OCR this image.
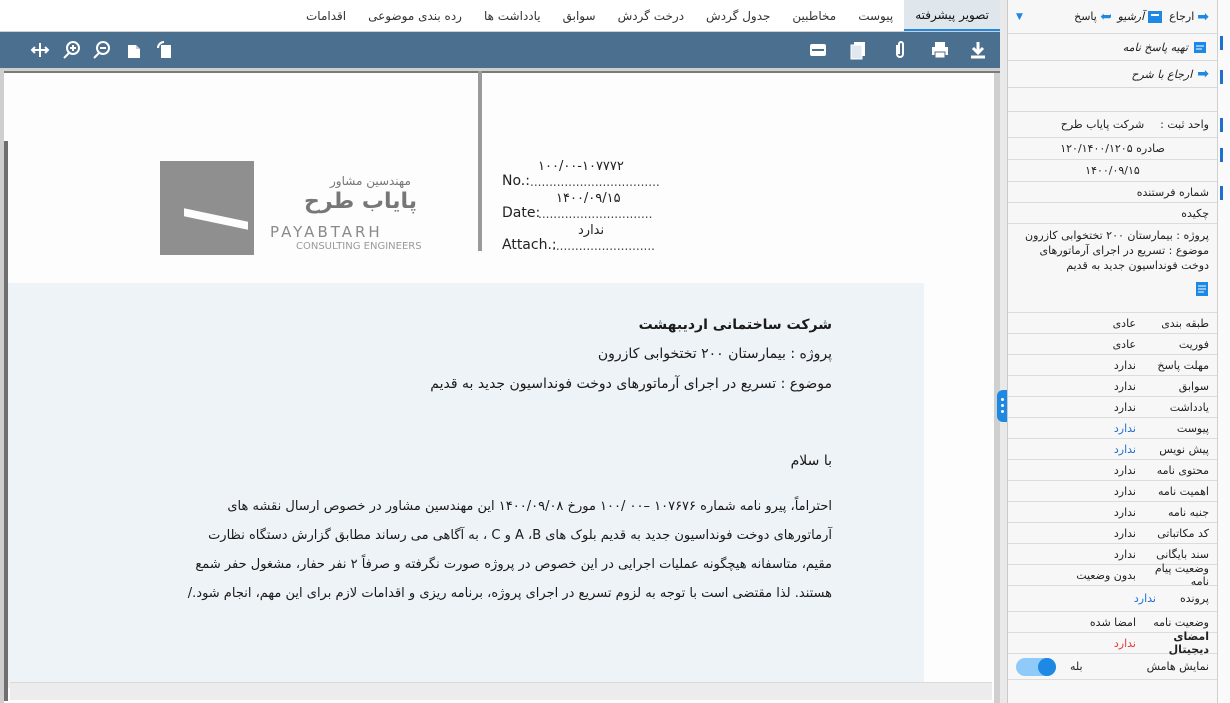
تصویر پیشرفته
پیوست
مخاطبین
جدول گردش
درخت گردش
سوابق
یادداشت ها
رده بندی موضوعی
اقدامات
مهندسین مشاور
پایاب طرح
PAYABTARH
CONSULTING ENGINEERS
No.: ..................................
۱۰۰/۰۰-۱۰۷۷۷۲
Date:
..............................
۱۴۰۰/۰۹/۱۵
Attach.:
...........................
ندارد
شرکت ساختمانی اردیبهشت
پروژه : بیمارستان ۲۰۰ تختخوابی کازرون
موضوع : تسریع در اجرای آرماتورهای دوخت فونداسیون جدید به قدیم
با سلام
احتراماً، پیرو نامه شماره ۱۰۷۶۷۶ –۰۰ /۱۰۰ مورخ ۱۴۰۰/۰۹/۰۸ این مهندسین مشاور در خصوص ارسال نقشه های
آرماتورهای دوخت فونداسیون جدید به قدیم بلوک های A ،B و C ، به آگاهی می رساند مطابق گزارش دستگاه نظارت
مقیم، متاسفانه هیچگونه عملیات اجرایی در این خصوص در پروژه صورت نگرفته و صرفاً ۲ نفر حفار، مشغول حفر شمع
هستند. لذا مقتضی است با توجه به لزوم تسریع در اجرای پروژه، برنامه ریزی و اقدامات لازم برای این مهم، انجام شود./
➡
ارجاع
آرشیو
➥
پاسخ
▼
تهیه پاسخ نامه
➡
ارجاع با شرح
واحد ثبت :
شرکت پایاب طرح
صادره ۱۲۰/۱۴۰۰/۱۲۰۵
۱۴۰۰/۰۹/۱۵
شماره فرستنده
چکیده
پروژه : بیمارستان ۲۰۰ تختخوابی کازرون
موضوع : تسریع در اجرای آرماتورهای
دوخت فونداسیون جدید به قدیم
طبقه بندی
عادی
فوریت
عادی
مهلت پاسخ
ندارد
سوابق
ندارد
یادداشت
ندارد
پیوست
ندارد
پیش نویس
ندارد
محتوی نامه
ندارد
اهمیت نامه
ندارد
جنبه نامه
ندارد
کد مکاتباتی
ندارد
سند بایگانی
ندارد
وضعیت پیام نامه
بدون وضعیت
پرونده
ندارد
وضعیت نامه
امضا شده
امضای دیجیتال
ندارد
نمایش هامش
بله
